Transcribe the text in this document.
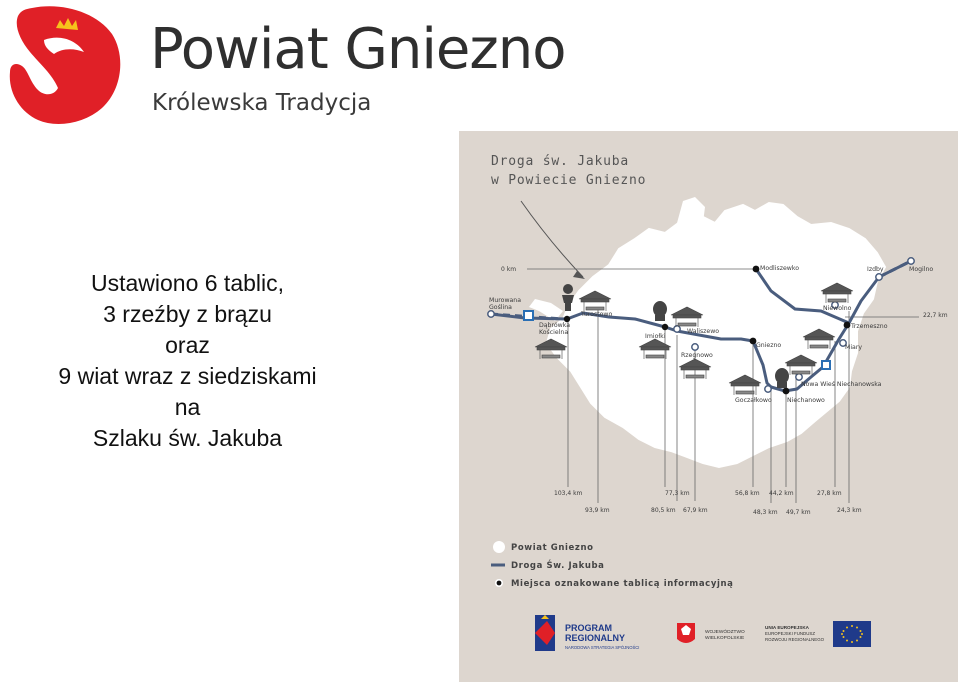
Powiat Gniezno
Królewska Tradycja
Ustawiono 6 tablic,
3 rzeźby z brązu
oraz
9 wiat wraz z siedziskami
na
Szlaku św. Jakuba
Droga św. Jakuba
w Powiecie Gniezno
Murowana
Goślina
Dąbrówka
Kościelna
Turostowo
Imiołki
Waliszewo
Rzegnowo
Gniezno
Goczałkowo Niechanowo
Nowa Wieś Niechanowska
Modliszewko
Niewolno
Izdby	Mogilno
Trzemeszno
Miary
0 km
22,7 km
103,4 km
93,9 km
77,3 km
80,5 km 67,9 km
56,8 km 44,2 km
48,3 km 49,7 km
27,8 km
24,3 km
Powiat Gniezno
Droga Św. Jakuba
Miejsca oznakowane tablicą informacyjną
PROGRAM
REGIONALNY
NARODOWA STRATEGIA SPÓJNOŚCI
WOJEWÓDZTWO
WIELKOPOLSKIE
UNIA EUROPEJSKA
EUROPEJSKI FUNDUSZ
ROZWOJU REGIONALNEGO
